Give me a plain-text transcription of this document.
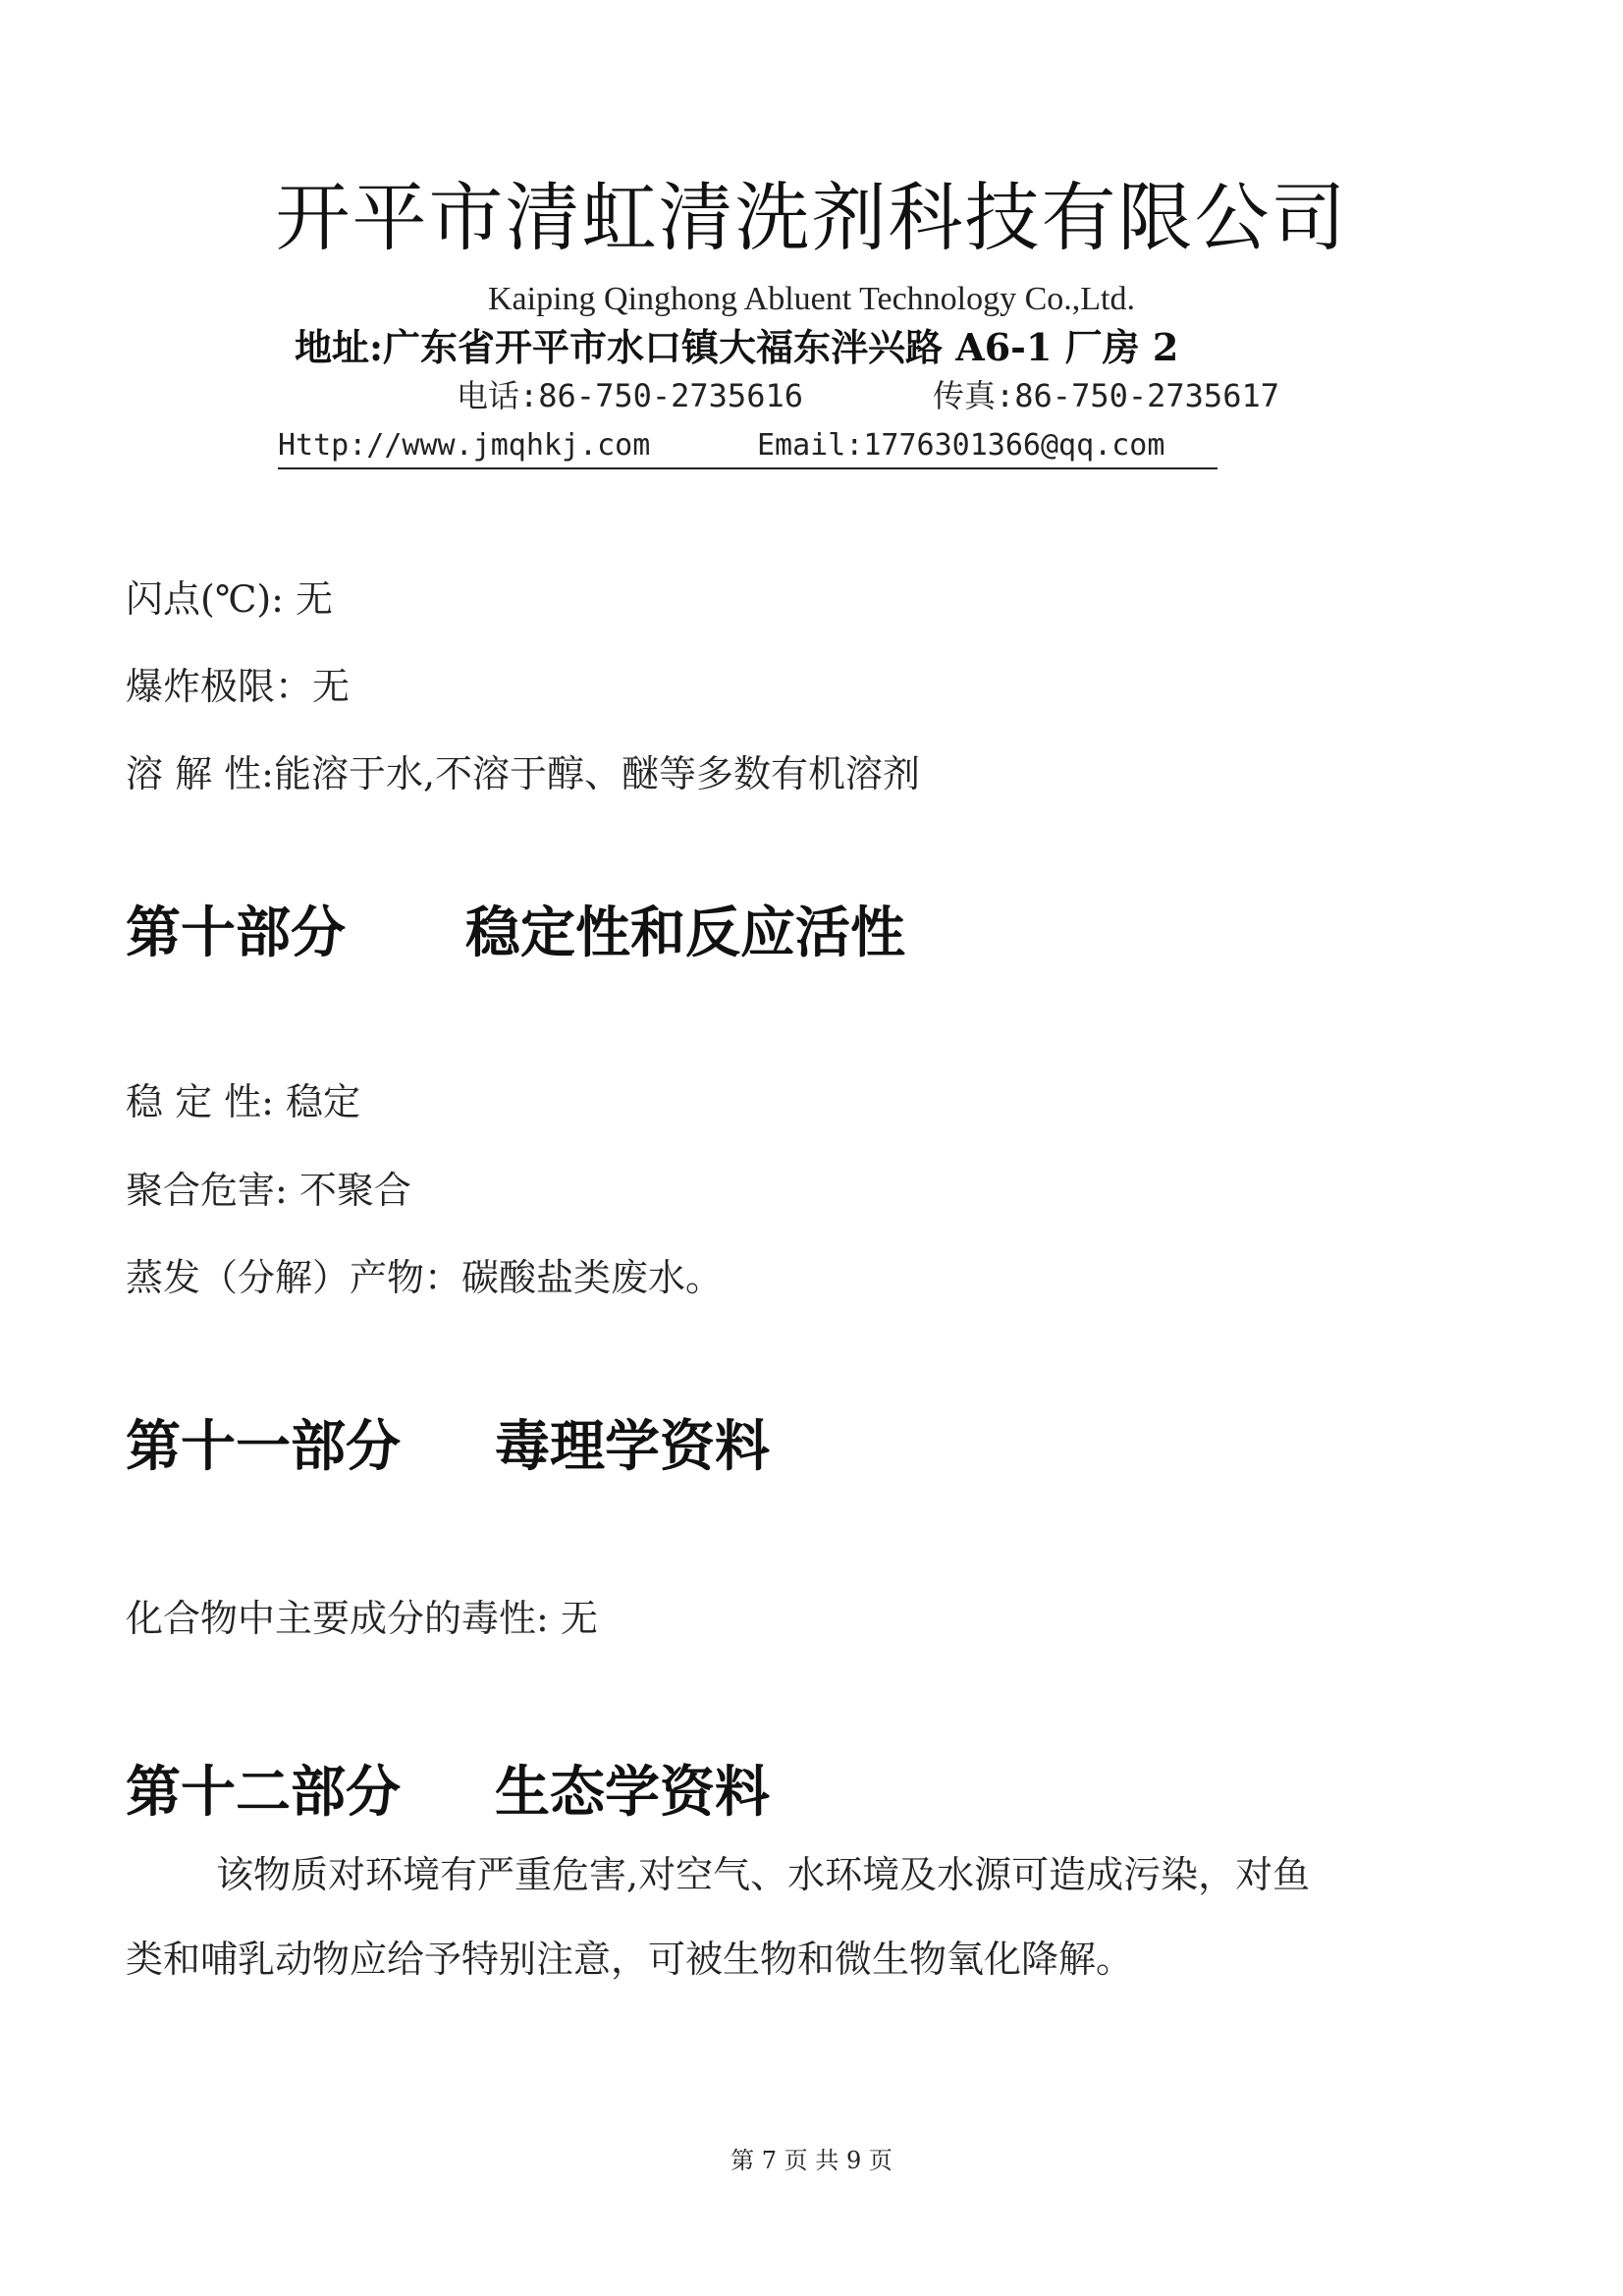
开平市清虹清洗剂科技有限公司
Kaiping Qinghong Abluent Technology Co.,Ltd.
地址:广东省开平市水口镇大福东泮兴路 A6-1 厂房 2
电话:86-750-2735616	传真:86-750-2735617
Http://www.jmqhkj.com	Email:1776301366@qq.com
闪点(℃): 无
爆炸极限：无
溶 解 性:能溶于水,不溶于醇、醚等多数有机溶剂
第十部分 稳定性和反应活性
稳 定 性: 稳定
聚合危害: 不聚合
蒸发（分解）产物：碳酸盐类废水。
第十一部分 毒理学资料
化合物中主要成分的毒性: 无
第十二部分 生态学资料
该物质对环境有严重危害,对空气、水环境及水源可造成污染，对鱼
类和哺乳动物应给予特别注意，可被生物和微生物氧化降解。
第 7 页 共 9 页
